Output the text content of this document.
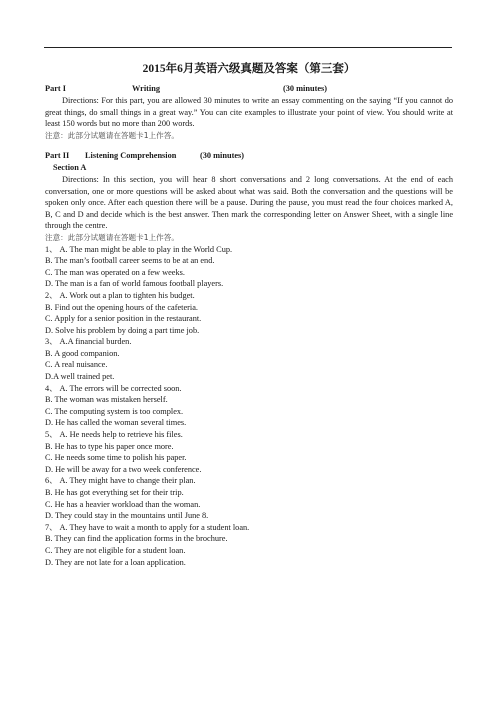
2015年6月英语六级真题及答案（第三套）
Part I	Writing	(30 minutes)
Directions: For this part, you are allowed 30 minutes to write an essay commenting on the saying “If you cannot do great things, do small things in a great way.” You can cite examples to illustrate your point of view. You should write at least 150 words but no more than 200 words.
注意：此部分试题请在答题卡1上作答。
Part II Listening Comprehension	(30 minutes)
Section A
Directions: In this section, you will hear 8 short conversations and 2 long conversations. At the end of each conversation, one or more questions will be asked about what was said. Both the conversation and the questions will be spoken only once. After each question there will be a pause. During the pause, you must read the four choices marked A, B, C and D and decide which is the best answer. Then mark the corresponding letter on Answer Sheet, with a single line through the centre.
注意：此部分试题请在答题卡1上作答。
1、 A. The man might be able to play in the World Cup.
B. The man’s football career seems to be at an end.
C. The man was operated on a few weeks.
D. The man is a fan of world famous football players.
2、 A. Work out a plan to tighten his budget.
B. Find out the opening hours of the cafeteria.
C. Apply for a senior position in the restaurant.
D. Solve his problem by doing a part time job.
3、 A.A financial burden.
B. A good companion.
C. A real nuisance.
D.A well trained pet.
4、 A. The errors will be corrected soon.
B. The woman was mistaken herself.
C. The computing system is too complex.
D. He has called the woman several times.
5、 A. He needs help to retrieve his files.
B. He has to type his paper once more.
C. He needs some time to polish his paper.
D. He will be away for a two week conference.
6、 A. They might have to change their plan.
B. He has got everything set for their trip.
C. He has a heavier workload than the woman.
D. They could stay in the mountains until June 8.
7、 A. They have to wait a month to apply for a student loan.
B. They can find the application forms in the brochure.
C. They are not eligible for a student loan.
D. They are not late for a loan application.
